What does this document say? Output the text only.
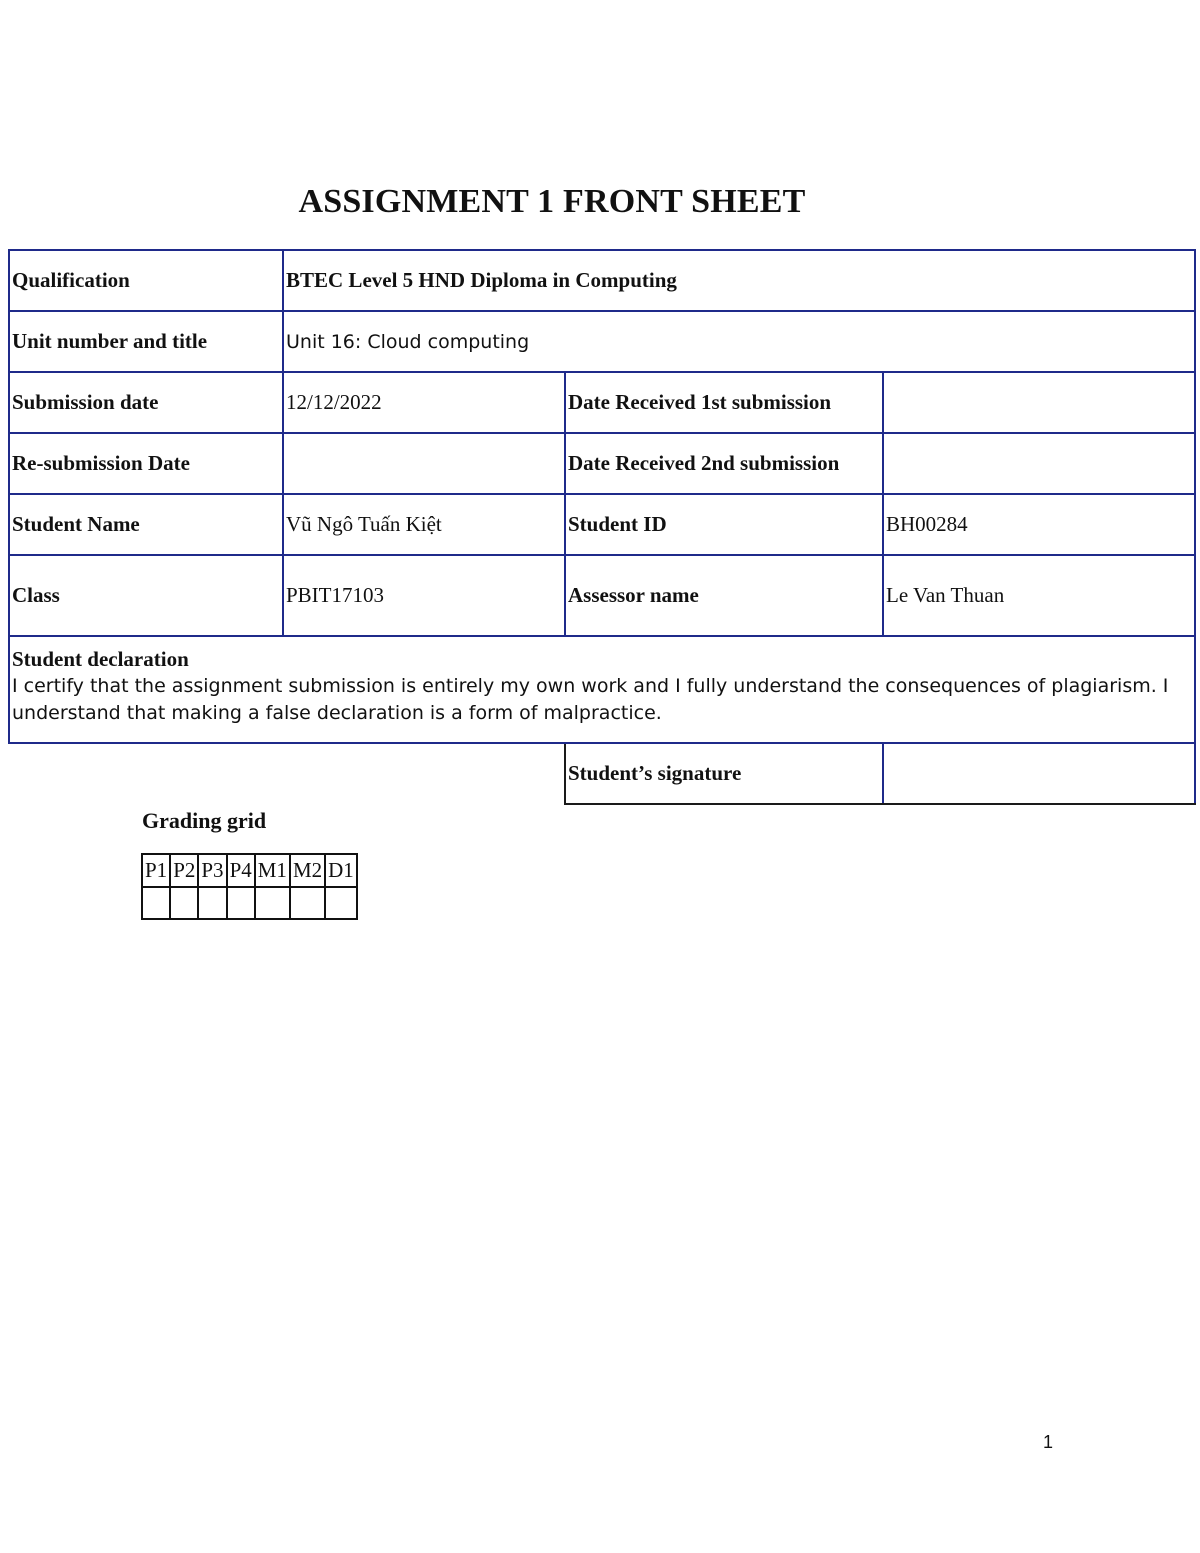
ASSIGNMENT 1 FRONT SHEET
Qualification	BTEC Level 5 HND Diploma in Computing		
Unit number and title	Unit 16: Cloud computing		
Submission date	12/12/2022	Date Received 1st submission	
Re-submission Date		Date Received 2nd submission	
Student Name	Vũ Ngô Tuấn Kiệt	Student ID	BH00284
Class	PBIT17103	Assessor name	Le Van Thuan

Student declaration
I certify that the assignment submission is entirely my own work and I fully understand the consequences of plagiarism. I understand that making a false declaration is a form of malpractice.			

		Student’s signature	
Grading grid
P1	P2	P3	P4	M1	M2	D1

1
